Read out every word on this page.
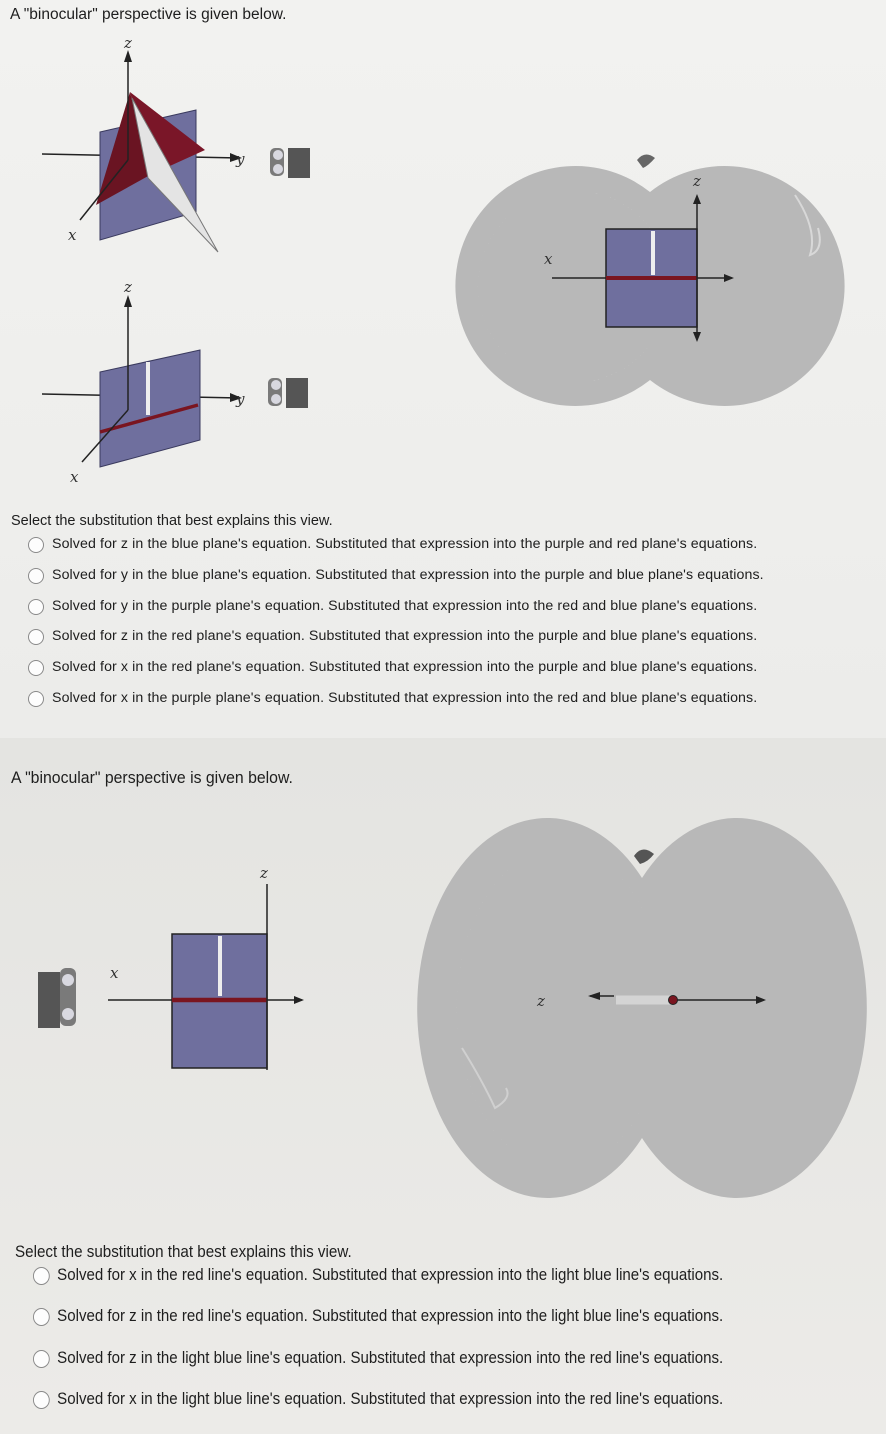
A "binocular" perspective is given below.
z
y
x
z
y
x
z
x

Select the substitution that best explains this view.

Solved for z in the blue plane's equation. Substituted that expression into the purple and red plane's equations.
Solved for y in the blue plane's equation. Substituted that expression into the purple and blue plane's equations.
Solved for y in the purple plane's equation. Substituted that expression into the red and blue plane's equations.
Solved for z in the red plane's equation. Substituted that expression into the purple and blue plane's equations.
Solved for x in the red plane's equation. Substituted that expression into the purple and blue plane's equations.
Solved for x in the purple plane's equation. Substituted that expression into the red and blue plane's equations.
A "binocular" perspective is given below.
z
x
z

Select the substitution that best explains this view.

Solved for x in the red line's equation. Substituted that expression into the light blue line's equations.
Solved for z in the red line's equation. Substituted that expression into the light blue line's equations.
Solved for z in the light blue line's equation. Substituted that expression into the red line's equations.
Solved for x in the light blue line's equation. Substituted that expression into the red line's equations.
